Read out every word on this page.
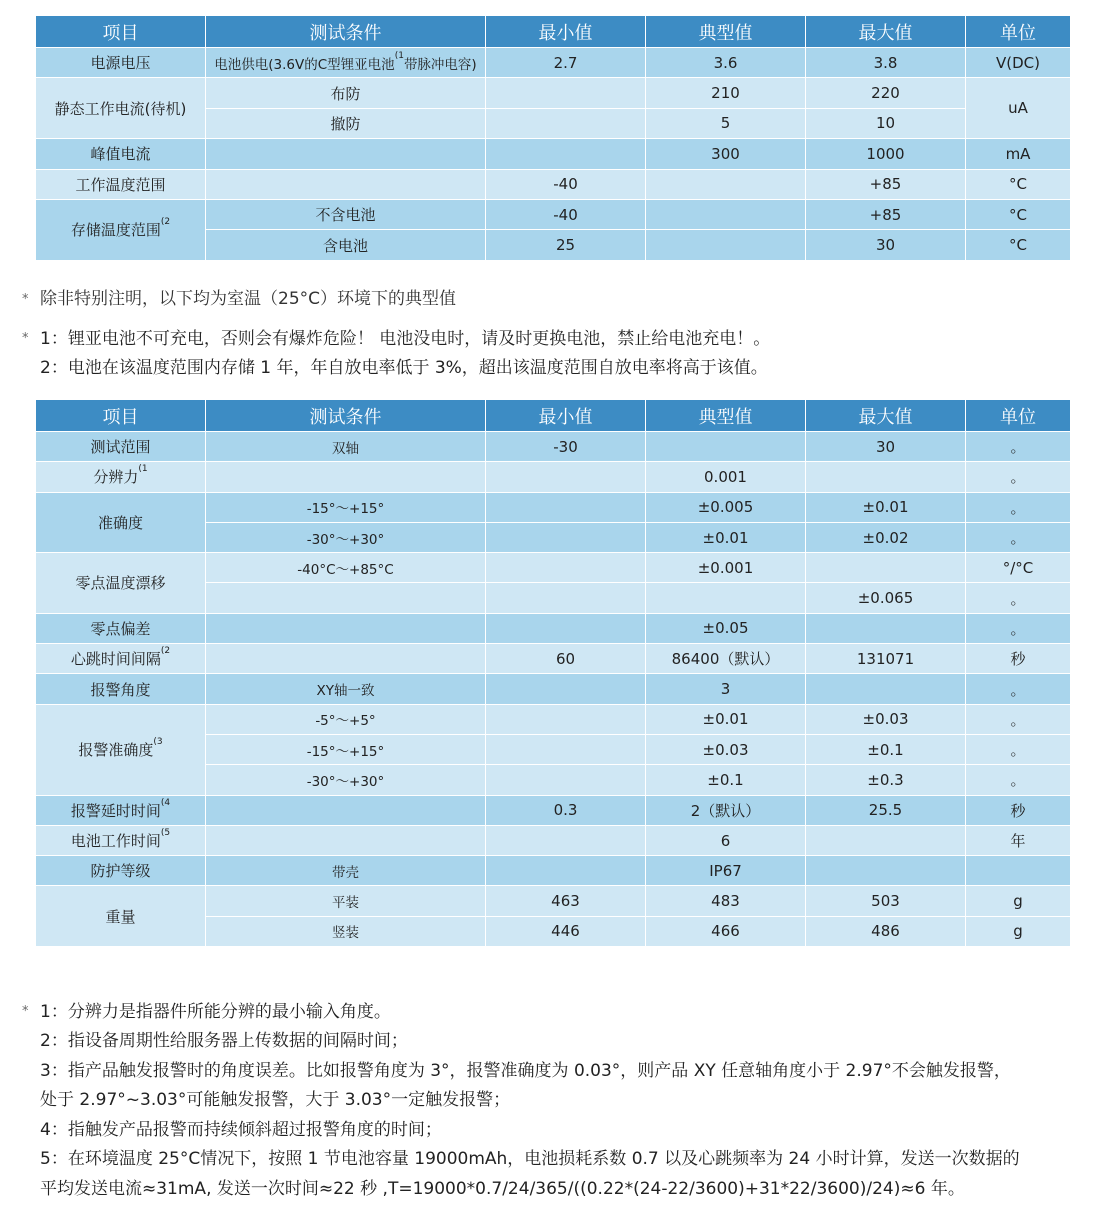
项目	测试条件	最小值	典型值	最大值	单位
电源电压	电池供电(3.6V的C型锂亚电池$^{(1}$带脉冲电容)	2.7	3.6	3.8	V(DC)
静态工作电流(待机)	布防		210	220	uA
	撤防		5	10	
峰值电流			300	1000	mA
工作温度范围		-40		+85	°C
存储温度范围$^{(2}$	不含电池	-40		+85	°C
	含电池	25		30	°C
* 除非特别注明，以下均为室温（25°C）环境下的典型值
* 1：锂亚电池不可充电，否则会有爆炸危险！ 电池没电时，请及时更换电池，禁止给电池充电！。
2：电池在该温度范围内存储 1 年，年自放电率低于 3%，超出该温度范围自放电率将高于该值。
项目	测试条件	最小值	典型值	最大值	单位
测试范围	双轴	-30		30	。
分辨力$^{(1}$			0.001		。
准确度	-15°～+15°		±0.005	±0.01	。
	-30°～+30°		±0.01	±0.02	。
零点温度漂移	-40°C～+85°C		±0.001		°/°C
				±0.065	。
零点偏差			±0.05		。
心跳时间间隔$^{(2}$		60	86400（默认）	131071	秒
报警角度	XY轴一致		3		。
报警准确度$^{(3}$	-5°～+5°		±0.01	±0.03	。
	-15°～+15°		±0.03	±0.1	。
	-30°～+30°		±0.1	±0.3	。
报警延时时间$^{(4}$		0.3	2（默认）	25.5	秒
电池工作时间$^{(5}$			6		年
防护等级	带壳		IP67		
重量	平装	463	483	503	g
	竖装	446	466	486	g
* 1：分辨力是指器件所能分辨的最小输入角度。
2：指设备周期性给服务器上传数据的间隔时间；
3：指产品触发报警时的角度误差。比如报警角度为 3°，报警准确度为 0.03°，则产品 XY 任意轴角度小于 2.97°不会触发报警，
处于 2.97°~3.03°可能触发报警，大于 3.03°一定触发报警；
4：指触发产品报警而持续倾斜超过报警角度的时间；
5：在环境温度 25°C情况下，按照 1 节电池容量 19000mAh，电池损耗系数 0.7 以及心跳频率为 24 小时计算，发送一次数据的
平均发送电流≈31mA, 发送一次时间≈22 秒 ,T=19000*0.7/24/365/((0.22*(24-22/3600)+31*22/3600)/24)≈6 年。
